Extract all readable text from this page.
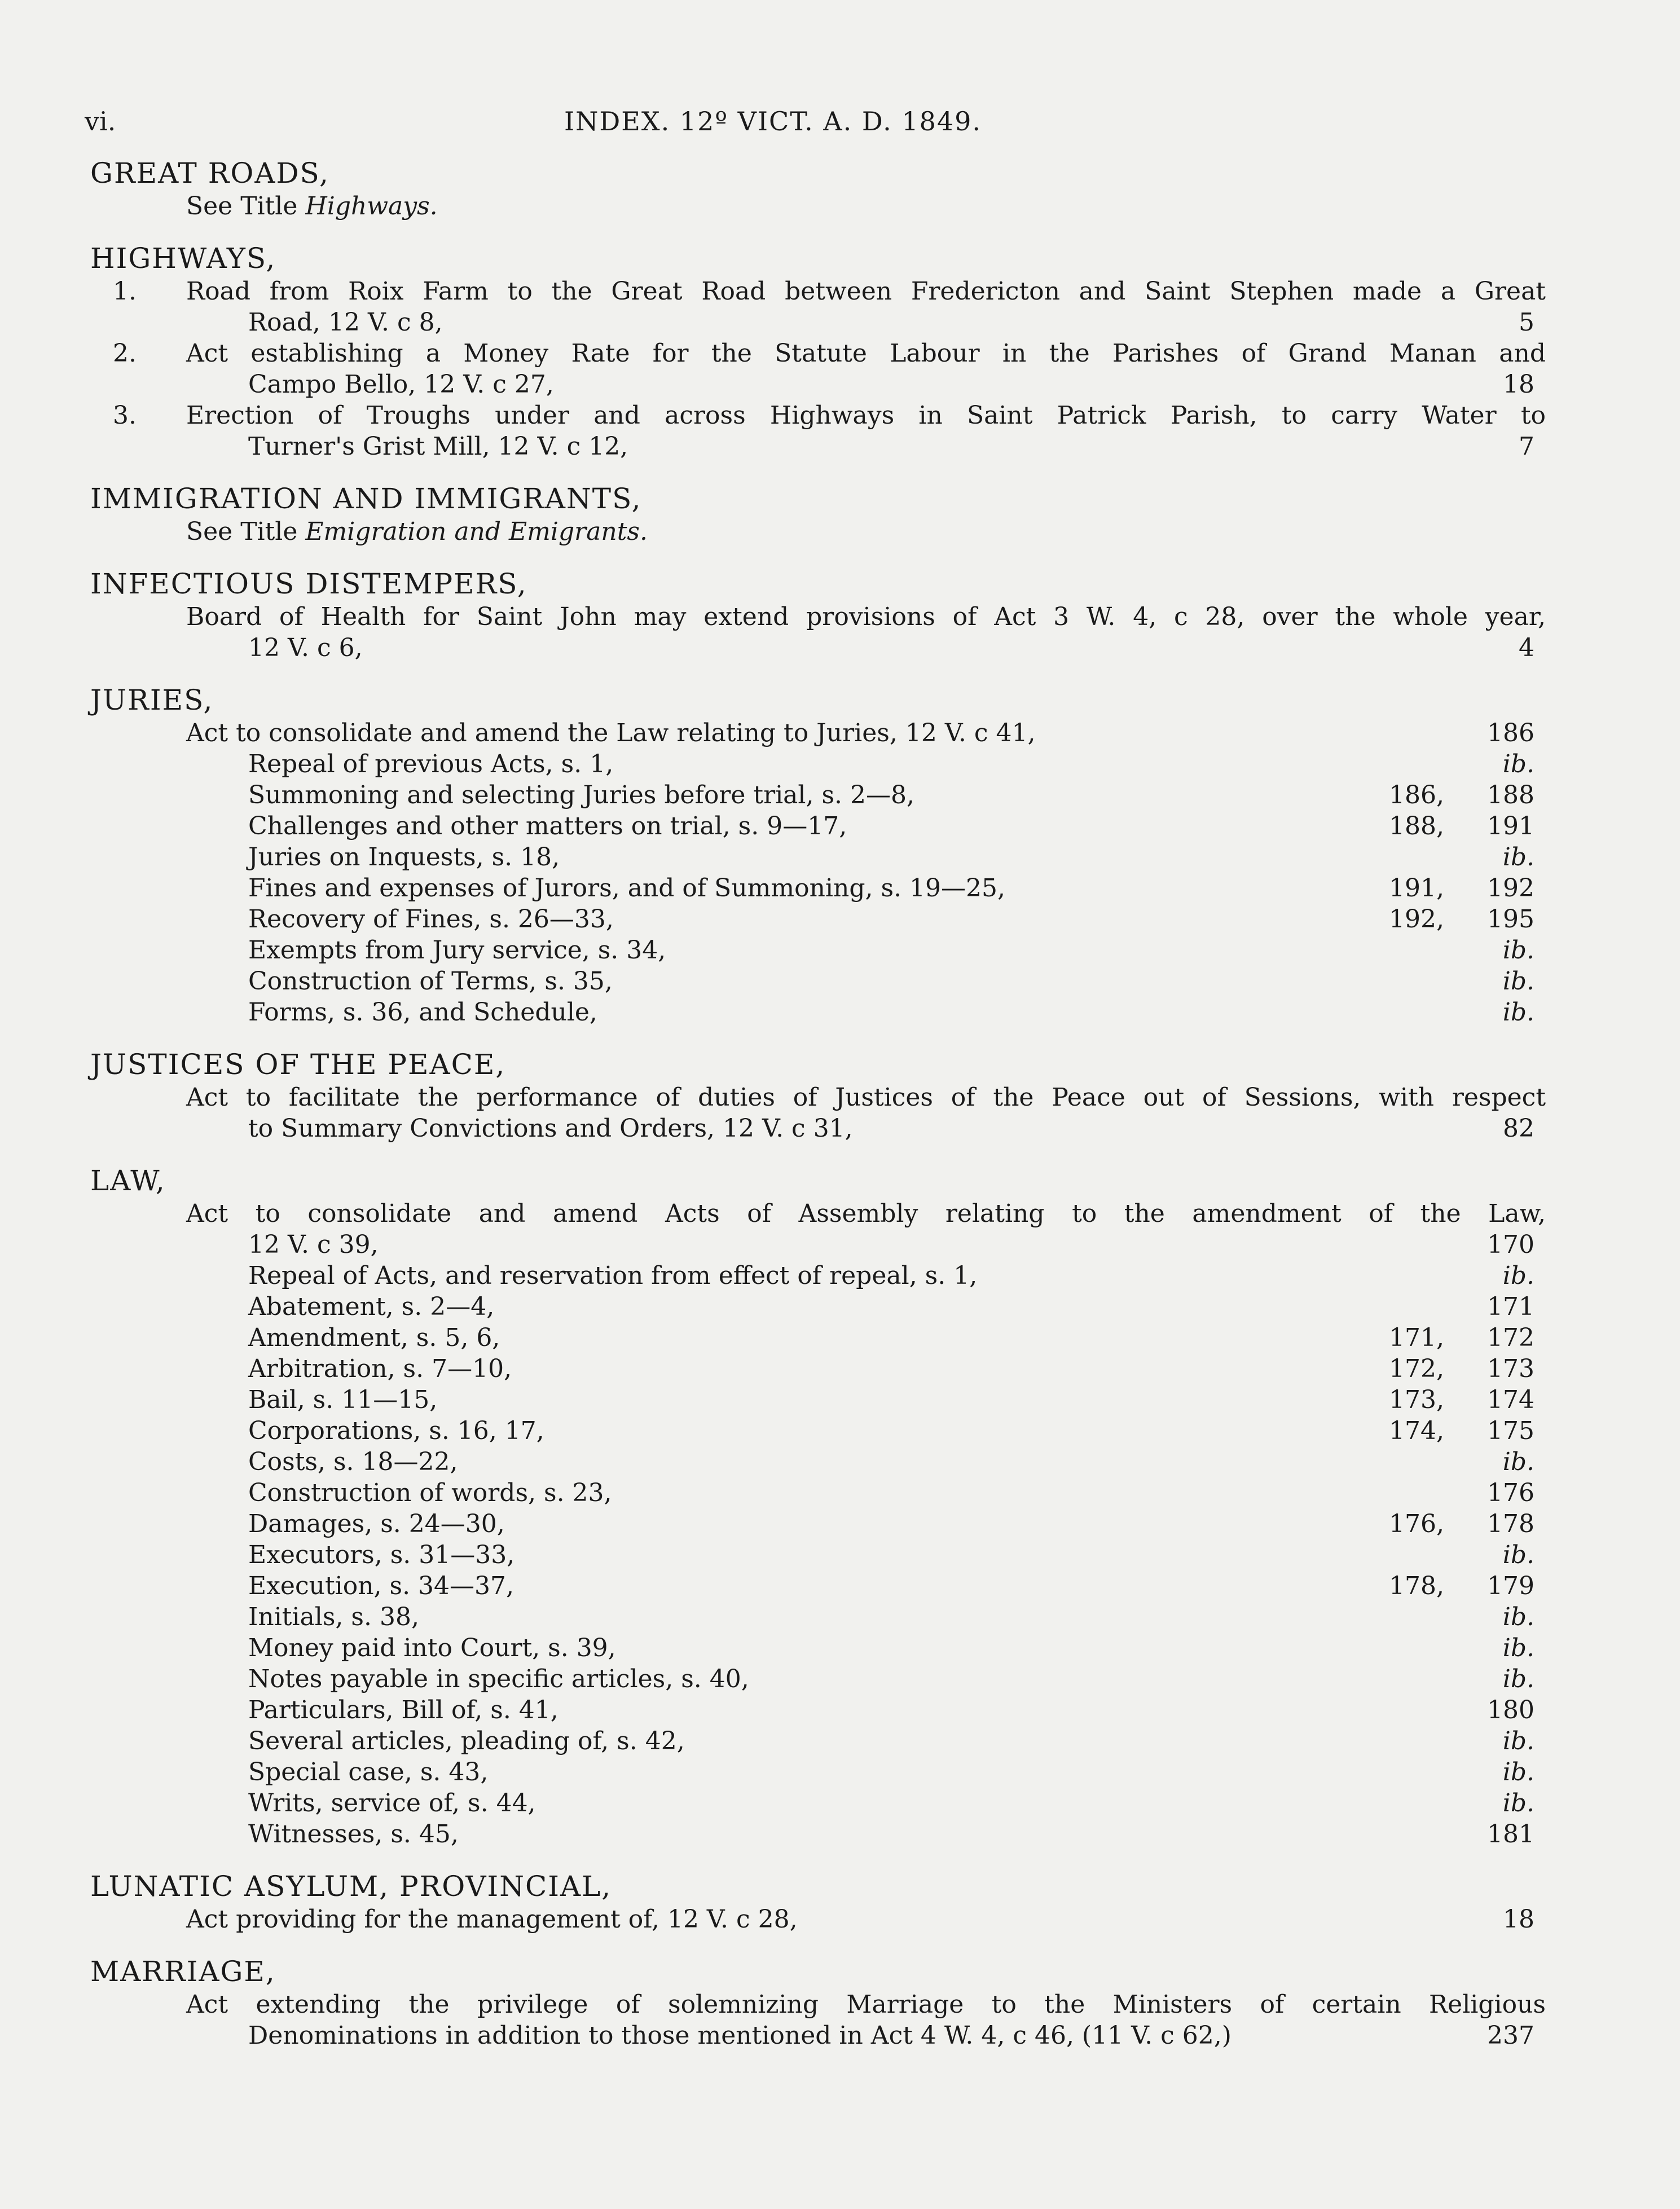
vi.	INDEX. 12º VICT. A. D. 1849.
GREAT ROADS,
See Title Highways.
HIGHWAYS,
1. Road from Roix Farm to the Great Road between Fredericton and Saint Stephen made a Great
Road, 12 V. c 8,	5
2. Act establishing a Money Rate for the Statute Labour in the Parishes of Grand Manan and
Campo Bello, 12 V. c 27,	18
3. Erection of Troughs under and across Highways in Saint Patrick Parish, to carry Water to
Turner's Grist Mill, 12 V. c 12,	7
IMMIGRATION AND IMMIGRANTS,
See Title Emigration and Emigrants.
INFECTIOUS DISTEMPERS,
Board of Health for Saint John may extend provisions of Act 3 W. 4, c 28, over the whole year,
12 V. c 6,	4
JURIES,
Act to consolidate and amend the Law relating to Juries, 12 V. c 41,	186
Repeal of previous Acts, s. 1,	ib.
Summoning and selecting Juries before trial, s. 2—8,	186,	188
Challenges and other matters on trial, s. 9—17,	188,	191
Juries on Inquests, s. 18,	ib.
Fines and expenses of Jurors, and of Summoning, s. 19—25,	191,	192
Recovery of Fines, s. 26—33,	192,	195
Exempts from Jury service, s. 34,	ib.
Construction of Terms, s. 35,	ib.
Forms, s. 36, and Schedule,	ib.
JUSTICES OF THE PEACE,
Act to facilitate the performance of duties of Justices of the Peace out of Sessions, with respect
to Summary Convictions and Orders, 12 V. c 31,	82
LAW,
Act to consolidate and amend Acts of Assembly relating to the amendment of the Law,
12 V. c 39,	170
Repeal of Acts, and reservation from effect of repeal, s. 1,	ib.
Abatement, s. 2—4,	171
Amendment, s. 5, 6,	171,	172
Arbitration, s. 7—10,	172,	173
Bail, s. 11—15,	173,	174
Corporations, s. 16, 17,	174,	175
Costs, s. 18—22,	ib.
Construction of words, s. 23,	176
Damages, s. 24—30,	176,	178
Executors, s. 31—33,	ib.
Execution, s. 34—37,	178,	179
Initials, s. 38,	ib.
Money paid into Court, s. 39,	ib.
Notes payable in specific articles, s. 40,	ib.
Particulars, Bill of, s. 41,	180
Several articles, pleading of, s. 42,	ib.
Special case, s. 43,	ib.
Writs, service of, s. 44,	ib.
Witnesses, s. 45,	181
LUNATIC ASYLUM, PROVINCIAL,
Act providing for the management of, 12 V. c 28,	18
MARRIAGE,
Act extending the privilege of solemnizing Marriage to the Ministers of certain Religious
Denominations in addition to those mentioned in Act 4 W. 4, c 46, (11 V. c 62,)	237
